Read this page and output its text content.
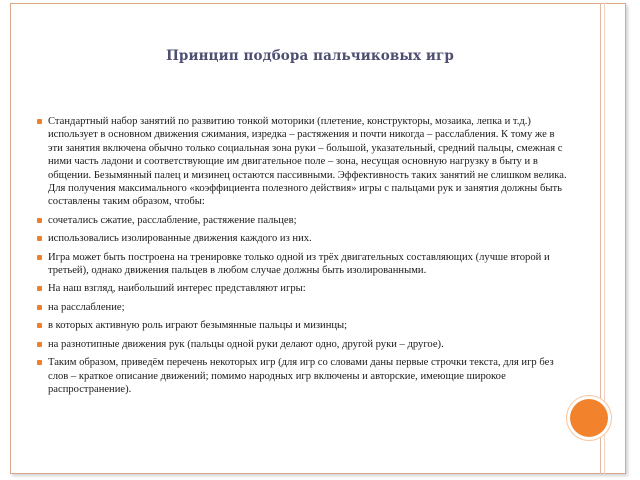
Принцип подбора пальчиковых игр
Стандартный набор занятий по развитию тонкой моторики (плетение, конструкторы, мозаика, лепка и т.д.) использует в основном движения сжимания, изредка – растяжения и почти никогда – расслабления. К тому же в эти занятия включена обычно только социальная зона руки – большой, указательный, средний пальцы, смежная с ними часть ладони и соответствующие им двигательное поле – зона, несущая основную нагрузку в быту и в общении. Безымянный палец и мизинец остаются пассивными. Эффективность таких занятий не слишком велика. Для получения максимального «коэффициента полезного действия» игры с пальцами рук и занятия должны быть составлены таким образом, чтобы:
сочетались сжатие, расслабление, растяжение пальцев;
использовались изолированные движения каждого из них.
Игра может быть построена на тренировке только одной из трёх двигательных составляющих (лучше второй и третьей), однако движения пальцев в любом случае должны быть изолированными.
На наш взгляд, наибольший интерес представляют игры:
на расслабление;
в которых активную роль играют безымянные пальцы и мизинцы;
на разнотипные движения рук (пальцы одной руки делают одно, другой руки – другое).
Таким образом, приведём перечень некоторых игр (для игр со словами даны первые строчки текста, для игр без слов – краткое описание движений; помимо народных игр включены и авторские, имеющие широкое распространение).
